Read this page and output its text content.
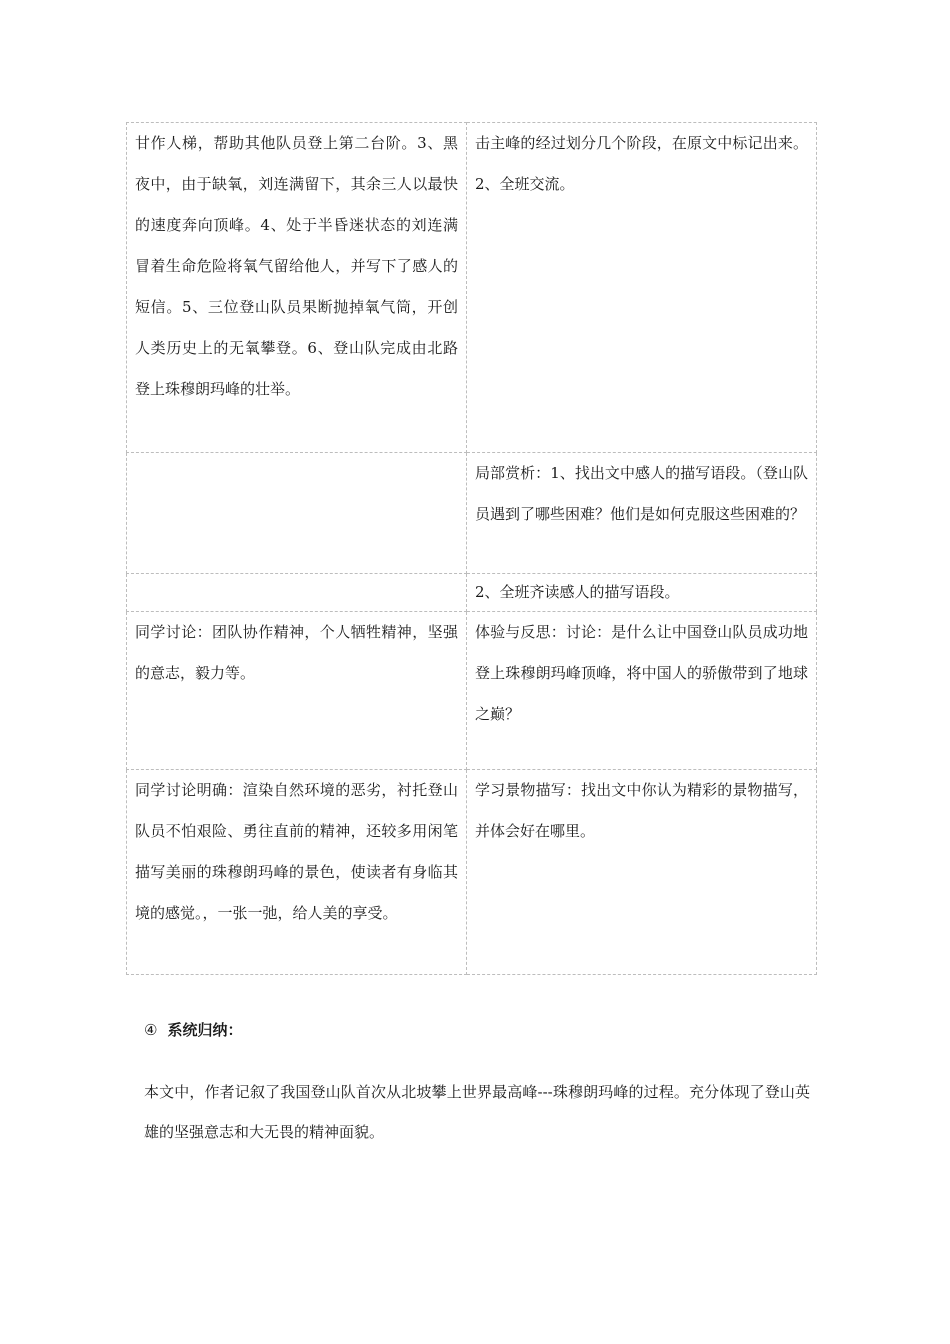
甘作人梯，帮助其他队员登上第二台阶。3、黑夜中，由于缺氧，刘连满留下，其余三人以最快的速度奔向顶峰。4、处于半昏迷状态的刘连满冒着生命危险将氧气留给他人，并写下了感人的短信。5、三位登山队员果断抛掉氧气筒，开创人类历史上的无氧攀登。6、登山队完成由北路登上珠穆朗玛峰的壮举。	击主峰的经过划分几个阶段，在原文中标记出来。2、全班交流。
	局部赏析：1、找出文中感人的描写语段。（登山队员遇到了哪些困难？他们是如何克服这些困难的？
	2、全班齐读感人的描写语段。
同学讨论：团队协作精神，个人牺牲精神，坚强的意志，毅力等。	体验与反思：讨论：是什么让中国登山队员成功地登上珠穆朗玛峰顶峰，将中国人的骄傲带到了地球之巅？
同学讨论明确：渲染自然环境的恶劣，衬托登山队员不怕艰险、勇往直前的精神，还较多用闲笔描写美丽的珠穆朗玛峰的景色，使读者有身临其境的感觉。，一张一弛，给人美的享受。	学习景物描写：找出文中你认为精彩的景物描写，并体会好在哪里。
④ 系统归纳：
本文中，作者记叙了我国登山队首次从北坡攀上世界最高峰---珠穆朗玛峰的过程。充分体现了登山英雄的坚强意志和大无畏的精神面貌。
